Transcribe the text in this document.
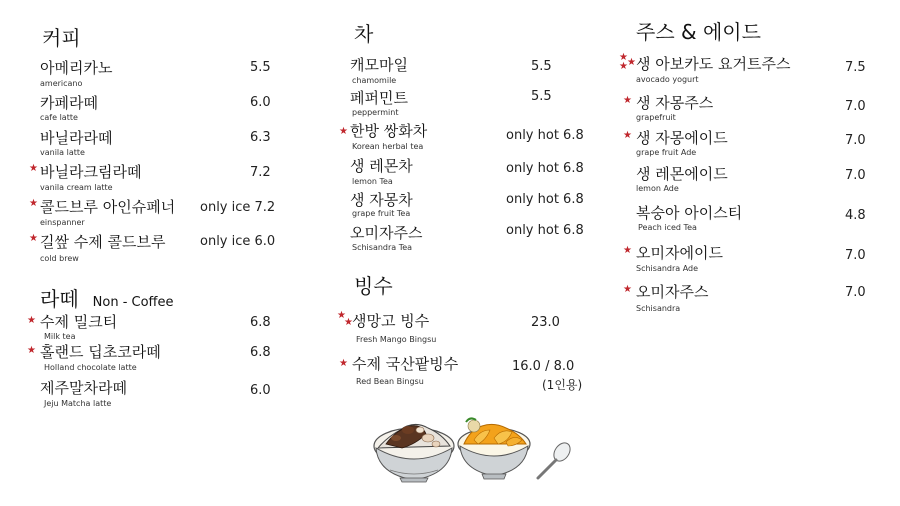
커피
아메리카노
americano
5.5
카페라떼
cafe latte
6.0
바닐라라떼
vanila latte
6.3
★ 바닐라크림라떼
vanila cream latte
7.2
★ 콜드브루 아인슈페너
einspanner
only ice 7.2
★ 길쌒 수제 콜드브루
cold brew
only ice 6.0
라떼 Non - Coffee
★ 수제 밀크티
Milk tea
6.8
★ 홀랜드 딥초코라떼
Holland chocolate latte
6.8
제주말차라떼
Jeju Matcha latte
6.0
차
캐모마일
chamomile
5.5
페퍼민트
peppermint
5.5
★ 한방 쌍화차
Korean herbal tea
only hot 6.8
생 레몬차
lemon Tea
only hot 6.8
생 자몽차
grape fruit Tea
only hot 6.8
오미자주스
Schisandra Tea
only hot 6.8
빙수
★
★ 생망고 빙수
Fresh Mango Bingsu
23.0
★ 수제 국산팥빙수
Red Bean Bingsu
16.0 / 8.0
(1인용)
주스 & 에이드
★
★ ★ 생 아보카도 요거트주스
avocado yogurt
7.5
★ 생 자몽주스
grapefruit
7.0
★ 생 자몽에이드
grape fruit Ade
7.0
생 레몬에이드
lemon Ade
7.0
복숭아 아이스티
Peach iced Tea
4.8
★ 오미자에이드
Schisandra Ade
7.0
★ 오미자주스
Schisandra
7.0
